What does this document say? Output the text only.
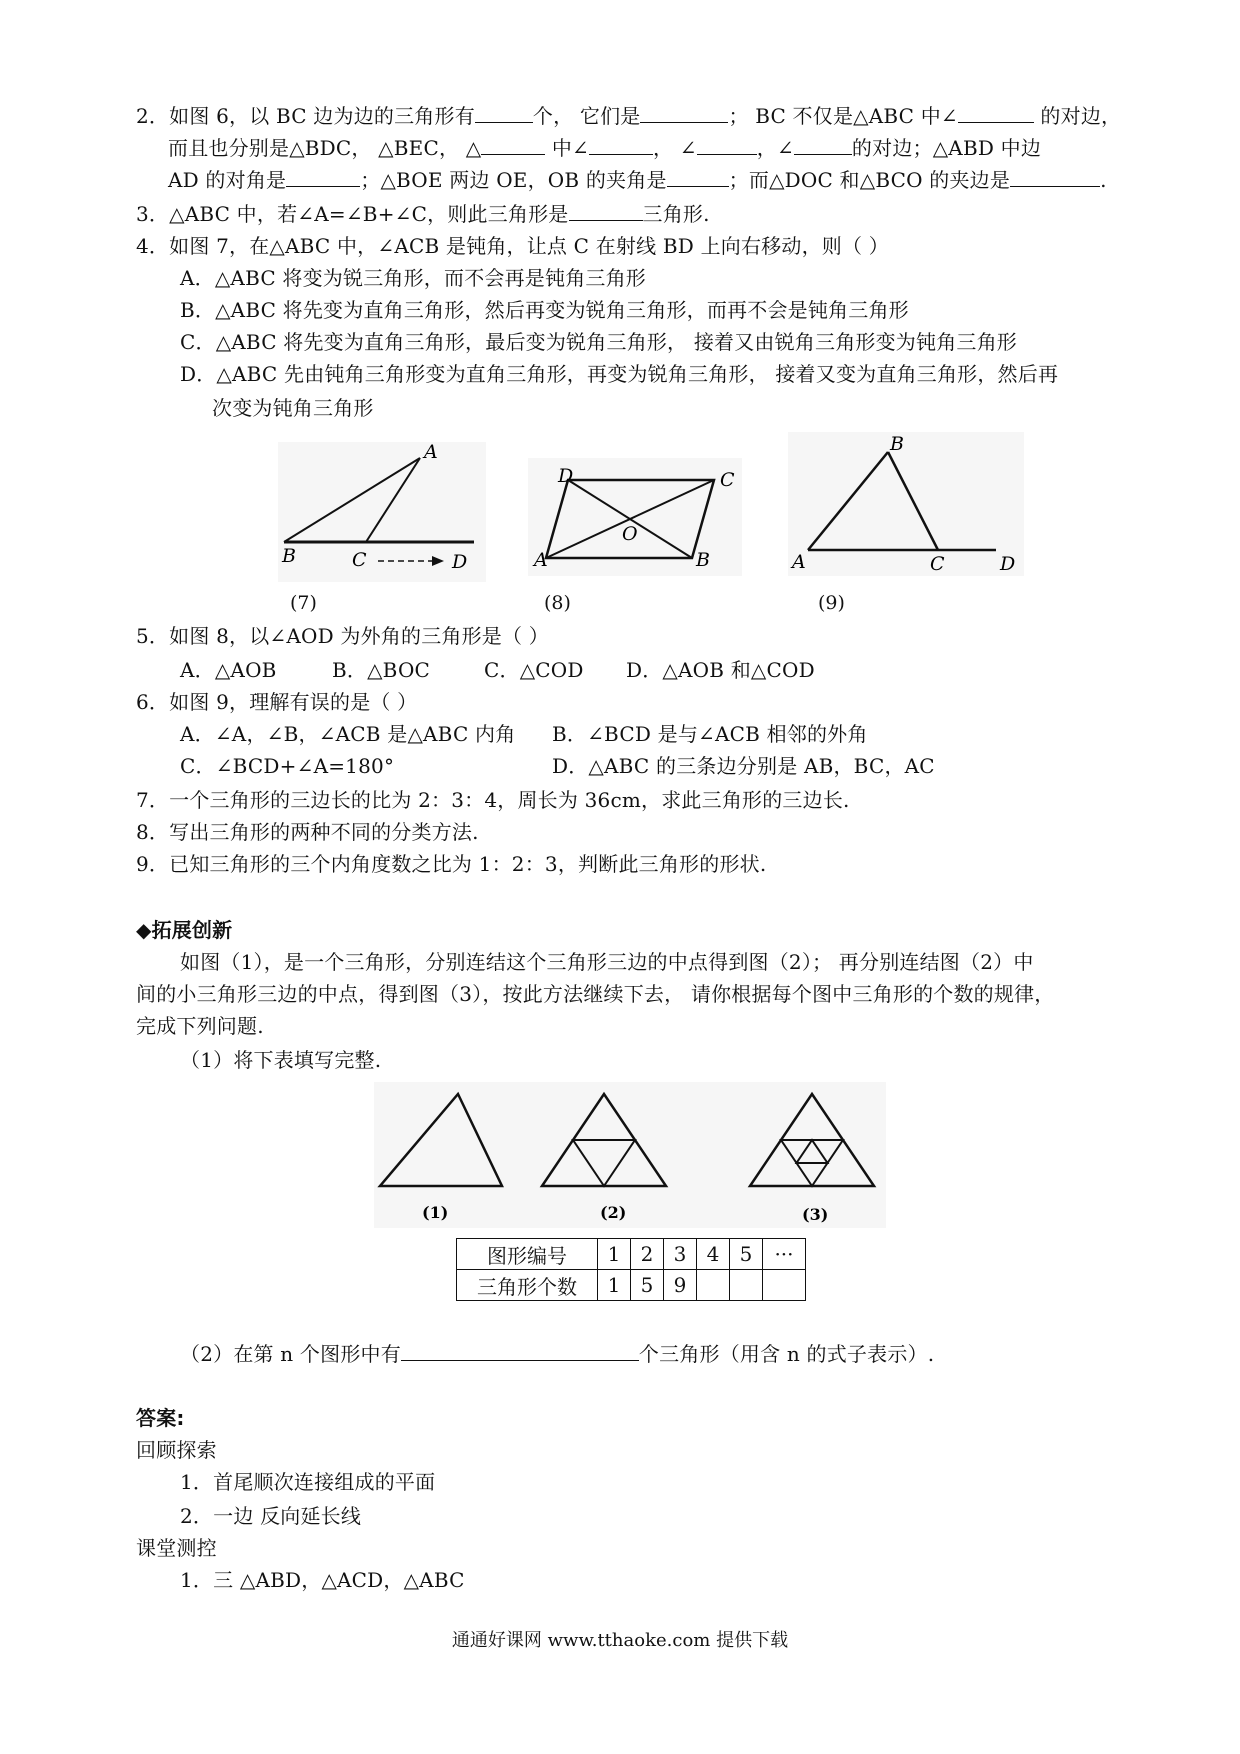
2．如图 6，以 BC 边为边的三角形有	个， 它们是	； BC 不仅是△ABC 中∠	的对边，
而且也分别是△BDC， △BEC， △	中∠	， ∠	，∠	的对边；△ABD 中边
AD 的对角是	；△BOE 两边 OE，OB 的夹角是	；而△DOC 和△BCO 的夹边是	.
3．△ABC 中，若∠A=∠B+∠C，则此三角形是	三角形.
4．如图 7，在△ABC 中，∠ACB 是钝角，让点 C 在射线 BD 上向右移动，则（ ）
A．△ABC 将变为锐三角形，而不会再是钝角三角形
B．△ABC 将先变为直角三角形，然后再变为锐角三角形，而再不会是钝角三角形
C．△ABC 将先变为直角三角形，最后变为锐角三角形， 接着又由锐角三角形变为钝角三角形
D．△ABC 先由钝角三角形变为直角三角形，再变为锐角三角形， 接着又变为直角三角形，然后再
次变为钝角三角形
A
B	C	D
(7)
D	C
A	B
O
(8)
B
A	C	D
(9)
5．如图 8，以∠AOD 为外角的三角形是（ ）
A．△AOB	B．△BOC	C．△COD D．△AOB 和△COD
6．如图 9，理解有误的是（ ）
A．∠A，∠B，∠ACB 是△ABC 内角 B．∠BCD 是与∠ACB 相邻的外角
C．∠BCD+∠A=180°	D．△ABC 的三条边分别是 AB，BC，AC
7．一个三角形的三边长的比为 2：3：4，周长为 36cm，求此三角形的三边长.
8．写出三角形的两种不同的分类方法.
9．已知三角形的三个内角度数之比为 1：2：3，判断此三角形的形状.
◆拓展创新
如图（1），是一个三角形，分别连结这个三角形三边的中点得到图（2）； 再分别连结图（2）中
间的小三角形三边的中点，得到图（3），按此方法继续下去， 请你根据每个图中三角形的个数的规律，
完成下列问题.
（1）将下表填写完整.
(1)	(2)	(3)
图形编号	1	2	3	4	5	···
三角形个数	1	5	9			
（2）在第 n 个图形中有	个三角形（用含 n 的式子表示）.
答案:
回顾探索
1．首尾顺次连接组成的平面
2．一边 反向延长线
课堂测控
1．三 △ABD，△ACD，△ABC
通通好课网 www.tthaoke.com 提供下载
